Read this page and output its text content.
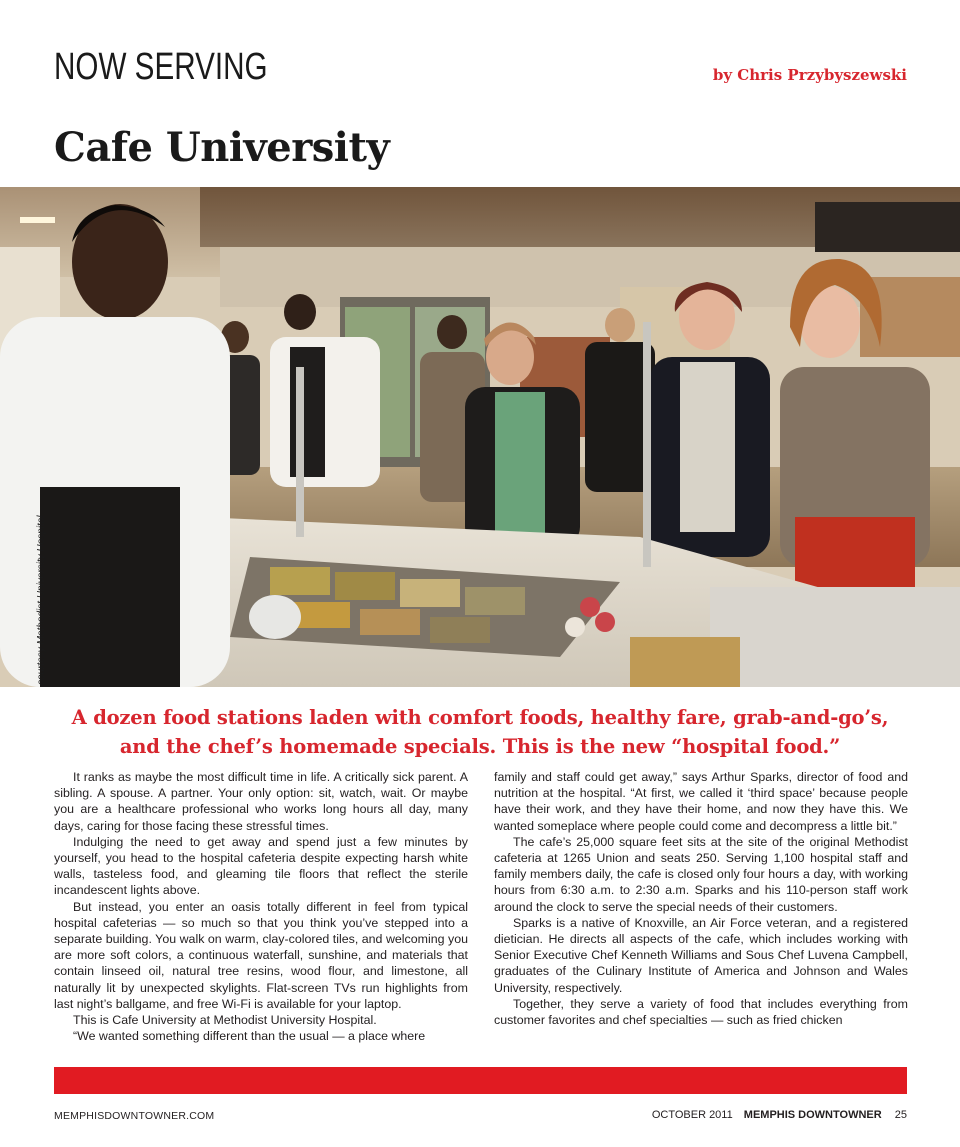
NOW SERVING	by Chris Przybyszewski
Cafe University
courtesy Methodist University Hospital
A dozen food stations laden with comfort foods, healthy fare, grab-and-go’s, and the chef’s homemade specials. This is the new “hospital food.”

It ranks as maybe the most difficult time in life. A critically sick parent. A sibling. A spouse. A partner. Your only option: sit, watch, wait. Or maybe you are a healthcare professional who works long hours all day, many days, caring for those facing these stressful times.

Indulging the need to get away and spend just a few minutes by yourself, you head to the hospital cafeteria despite expecting harsh white walls, tasteless food, and gleaming tile floors that reflect the sterile incandescent lights above.

But instead, you enter an oasis totally different in feel from typical hospital cafeterias — so much so that you think you’ve stepped into a separate building. You walk on warm, clay-colored tiles, and welcoming you are more soft colors, a continuous waterfall, sunshine, and materials that contain linseed oil, natural tree resins, wood flour, and limestone, all naturally lit by unexpected skylights. Flat-screen TVs run highlights from last night’s ballgame, and free Wi-Fi is available for your laptop.

This is Cafe University at Methodist University Hospital.

“We wanted something different than the usual — a place where

family and staff could get away,” says Arthur Sparks, director of food and nutrition at the hospital. “At first, we called it ‘third space’ because people have their work, and they have their home, and now they have this. We wanted someplace where people could come and decompress a little bit.”

The cafe’s 25,000 square feet sits at the site of the original Methodist cafeteria at 1265 Union and seats 250. Serving 1,100 hospital staff and family members daily, the cafe is closed only four hours a day, with working hours from 6:30 a.m. to 2:30 a.m. Sparks and his 110-person staff work around the clock to serve the special needs of their customers.

Sparks is a native of Knoxville, an Air Force veteran, and a registered dietician. He directs all aspects of the cafe, which includes working with Senior Executive Chef Kenneth Williams and Sous Chef Luvena Campbell, graduates of the Culinary Institute of America and Johnson and Wales University, respectively.

Together, they serve a variety of food that includes everything from customer favorites and chef specialties — such as fried chicken

MEMPHISDOWNTOWNER.COM	OCTOBER 2011 MEMPHIS DOWNTOWNER 25
